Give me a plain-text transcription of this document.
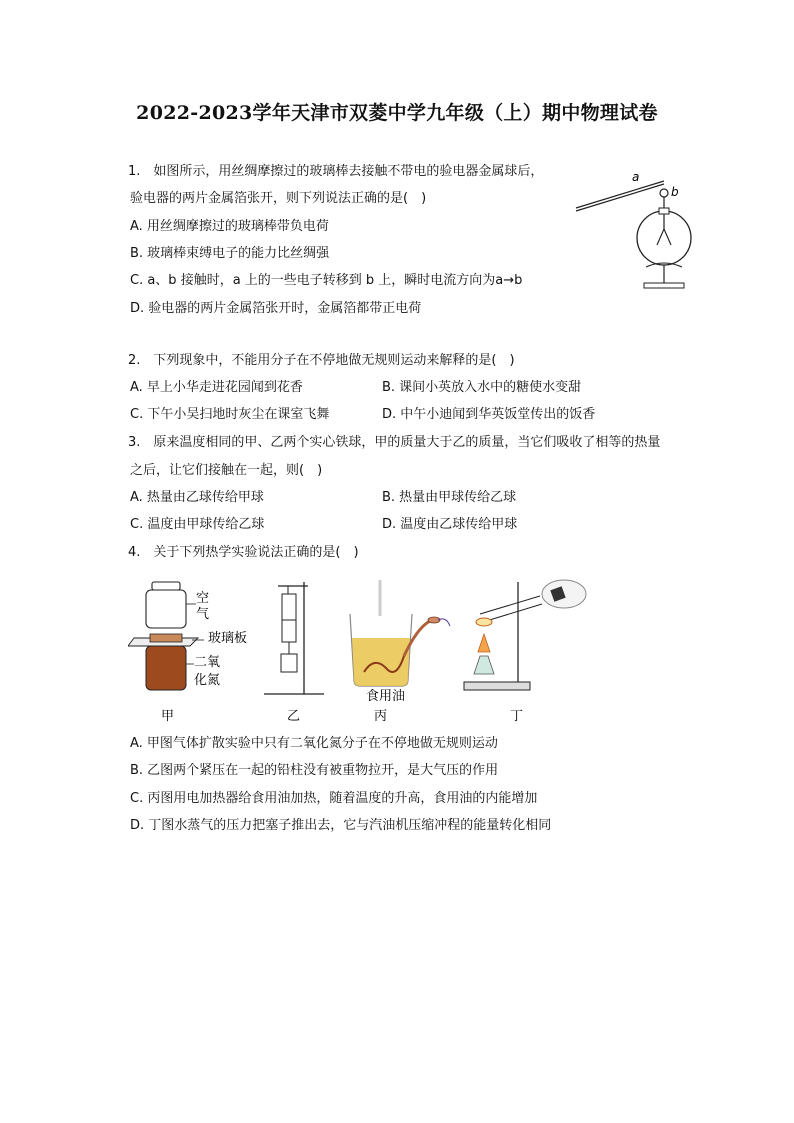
2022-2023学年天津市双菱中学九年级（上）期中物理试卷
1.　如图所示，用丝绸摩擦过的玻璃棒去接触不带电的验电器金属球后，
验电器的两片金属箔张开，则下列说法正确的是(　)
A. 用丝绸摩擦过的玻璃棒带负电荷
B. 玻璃棒束缚电子的能力比丝绸强
C. a、b 接触时，a 上的一些电子转移到 b 上，瞬时电流方向为a→b
D. 验电器的两片金属箔张开时，金属箔都带正电荷
a
b
2.　下列现象中，不能用分子在不停地做无规则运动来解释的是(　)
A. 早上小华走进花园闻到花香	B. 课间小英放入水中的糖使水变甜
C. 下午小吴扫地时灰尘在课室飞舞	D. 中午小迪闻到华英饭堂传出的饭香
3.　原来温度相同的甲、乙两个实心铁球，甲的质量大于乙的质量，当它们吸收了相等的热量
之后，让它们接触在一起，则(　)
A. 热量由乙球传给甲球	B. 热量由甲球传给乙球
C. 温度由甲球传给乙球	D. 温度由乙球传给甲球
4.　关于下列热学实验说法正确的是(　)
空
气
玻璃板
二氧
化氮
甲	乙
食用油
丙	丁
A. 甲图气体扩散实验中只有二氧化氮分子在不停地做无规则运动
B. 乙图两个紧压在一起的铅柱没有被重物拉开，是大气压的作用
C. 丙图用电加热器给食用油加热，随着温度的升高，食用油的内能增加
D. 丁图水蒸气的压力把塞子推出去，它与汽油机压缩冲程的能量转化相同
